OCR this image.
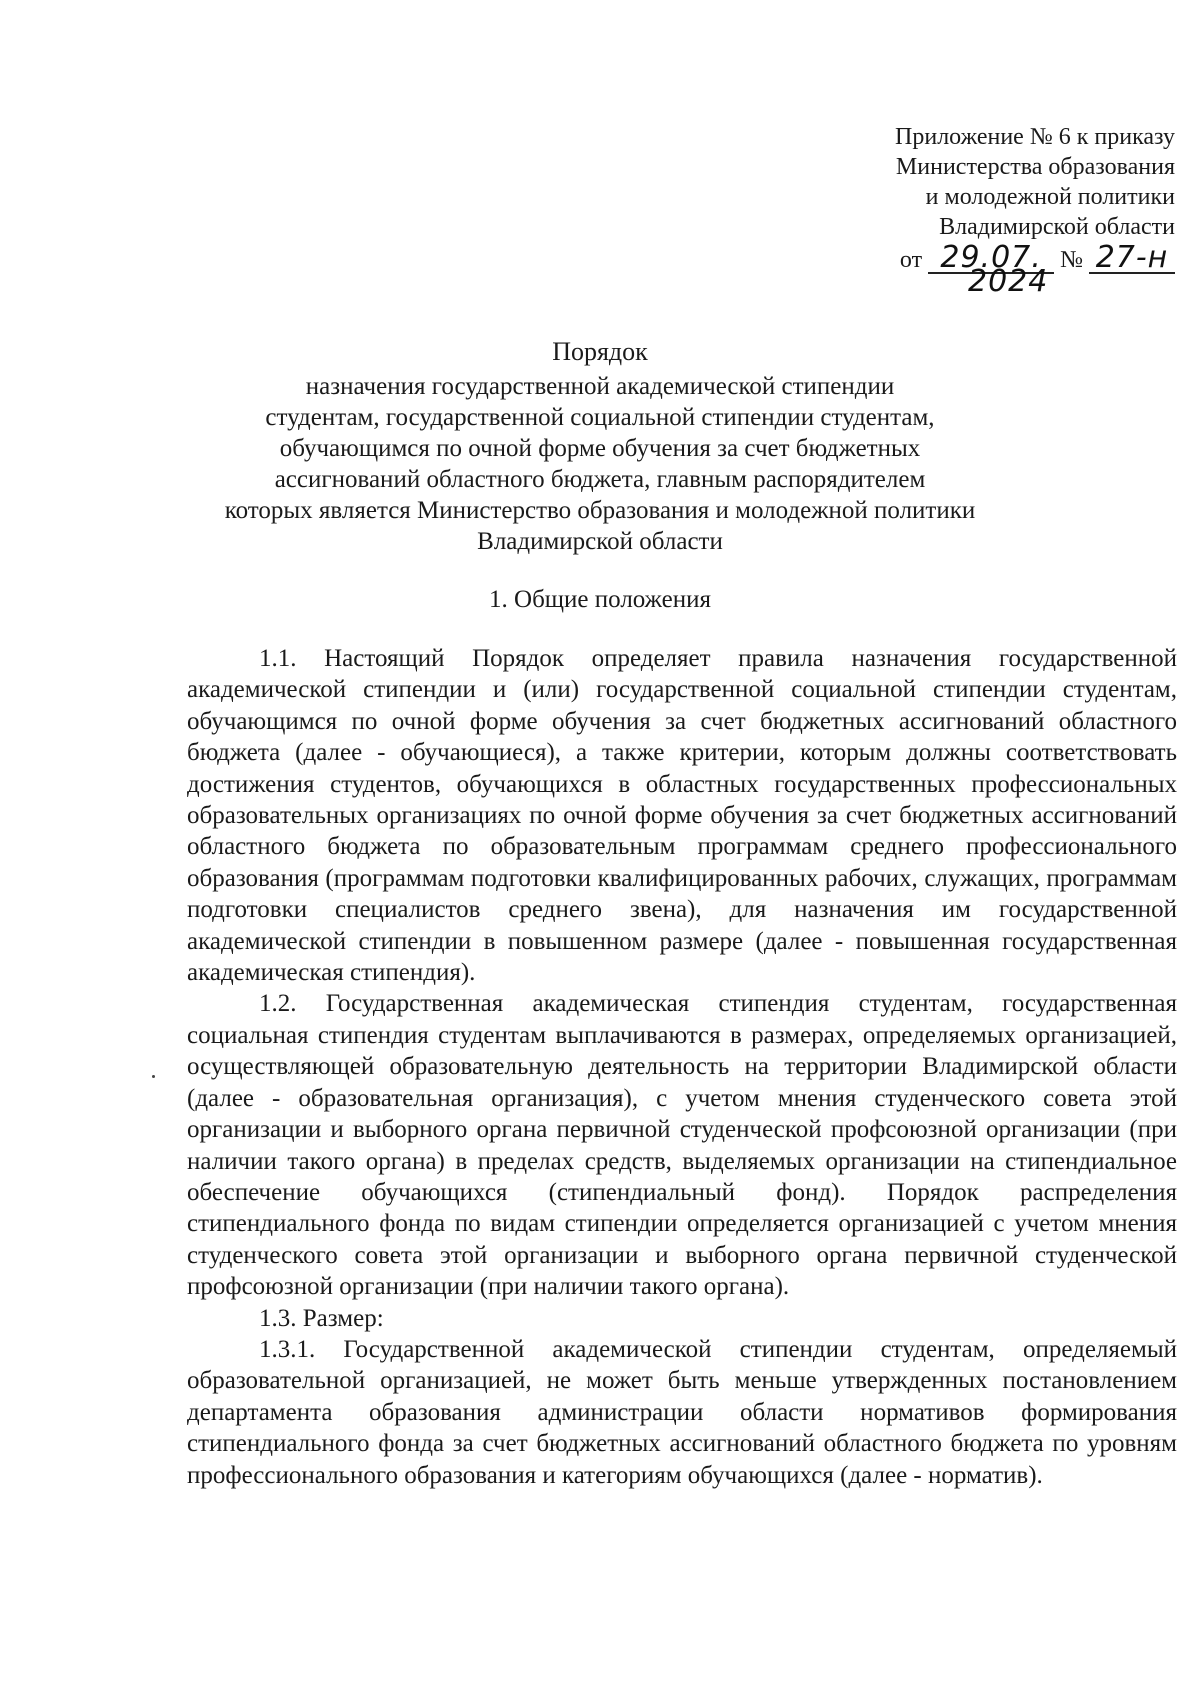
Приложение № 6 к приказу
Министерства образования
и молодежной политики
Владимирской области
от 29.07. № 27-н
2024
Порядок
назначения государственной академической стипендии
студентам, государственной социальной стипендии студентам,
обучающимся по очной форме обучения за счет бюджетных
ассигнований областного бюджета, главным распорядителем
которых является Министерство образования и молодежной политики
Владимирской области
1. Общие положения

1.1. Настоящий Порядок определяет правила назначения государственной академической стипендии и (или) государственной социальной стипендии студентам, обучающимся по очной форме обучения за счет бюджетных ассигнований областного бюджета (далее - обучающиеся), а также критерии, которым должны соответствовать достижения студентов, обучающихся в областных государственных профессиональных образовательных организациях по очной форме обучения за счет бюджетных ассигнований областного бюджета по образовательным программам среднего профессионального образования (программам подготовки квалифицированных рабочих, служащих, программам подготовки специалистов среднего звена), для назначения им государственной академической стипендии в повышенном размере (далее - повышенная государственная академическая стипендия).

1.2. Государственная академическая стипендия студентам, государственная социальная стипендия студентам выплачиваются в размерах, определяемых организацией, осуществляющей образовательную деятельность на территории Владимирской области (далее - образовательная организация), с учетом мнения студенческого совета этой организации и выборного органа первичной студенческой профсоюзной организации (при наличии такого органа) в пределах средств, выделяемых организации на стипендиальное обеспечение обучающихся (стипендиальный фонд). Порядок распределения стипендиального фонда по видам стипендии определяется организацией с учетом мнения студенческого совета этой организации и выборного органа первичной студенческой профсоюзной организации (при наличии такого органа).

1.3. Размер:

1.3.1. Государственной академической стипендии студентам, определяемый образовательной организацией, не может быть меньше утвержденных постановлением департамента образования администрации области нормативов формирования стипендиального фонда за счет бюджетных ассигнований областного бюджета по уровням профессионального образования и категориям обучающихся (далее - норматив).
